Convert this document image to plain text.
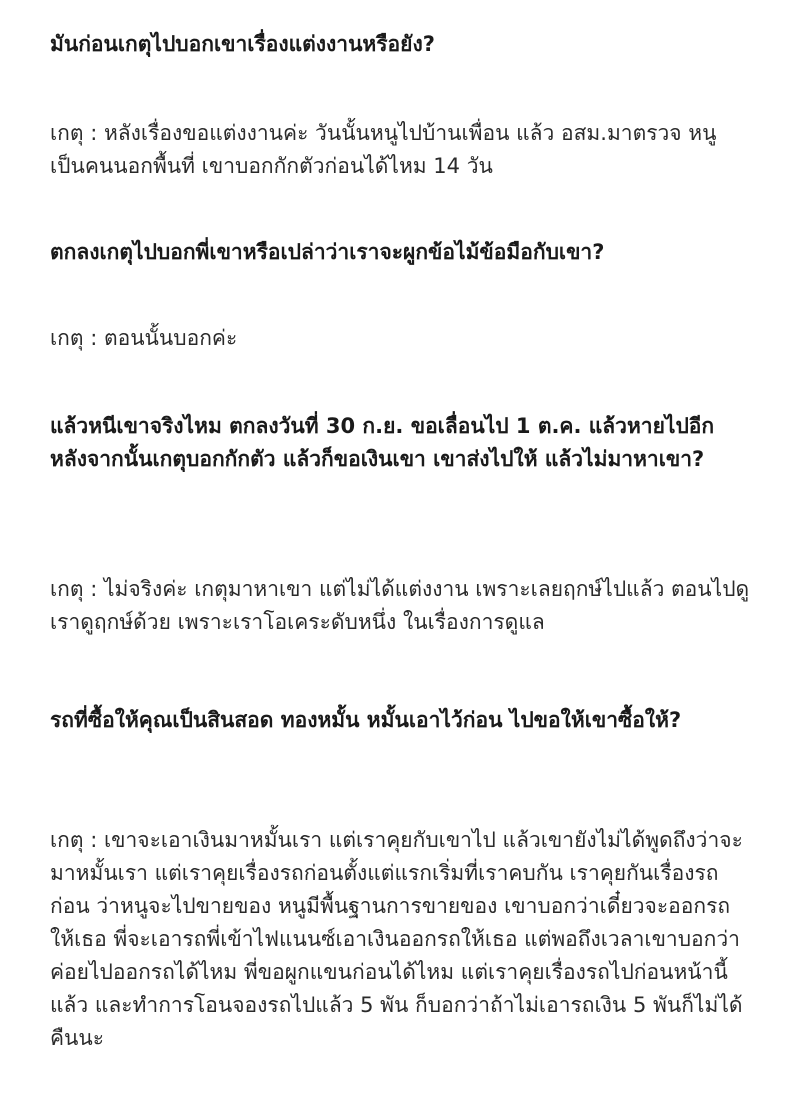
มันก่อนเกตุไปบอกเขาเรื่องแต่งงานหรือยัง?

เกตุ : หลังเรื่องขอแต่งงานค่ะ วันนั้นหนูไปบ้านเพื่อน แล้ว อสม.มาตรวจ หนูเป็นคนนอกพื้นที่ เขาบอกกักตัวก่อนได้ไหม 14 วัน

ตกลงเกตุไปบอกพี่เขาหรือเปล่าว่าเราจะผูกข้อไม้ข้อมือกับเขา?

เกตุ : ตอนนั้นบอกค่ะ

แล้วหนีเขาจริงไหม ตกลงวันที่ 30 ก.ย. ขอเลื่อนไป 1 ต.ค. แล้วหายไปอีก หลังจากนั้นเกตุบอกกักตัว แล้วก็ขอเงินเขา เขาส่งไปให้ แล้วไม่มาหาเขา?

เกตุ : ไม่จริงค่ะ เกตุมาหาเขา แต่ไม่ได้แต่งงาน เพราะเลยฤกษ์ไปแล้ว ตอนไปดู เราดูฤกษ์ด้วย เพราะเราโอเคระดับหนึ่ง ในเรื่องการดูแล

รถที่ซื้อให้คุณเป็นสินสอด ทองหมั้น หมั้นเอาไว้ก่อน ไปขอให้เขาซื้อให้?

เกตุ : เขาจะเอาเงินมาหมั้นเรา แต่เราคุยกับเขาไป แล้วเขายังไม่ได้พูดถึงว่าจะมาหมั้นเรา แต่เราคุยเรื่องรถก่อนตั้งแต่แรกเริ่มที่เราคบกัน เราคุยกันเรื่องรถก่อน ว่าหนูจะไปขายของ หนูมีพื้นฐานการขายของ เขาบอกว่าเดี๋ยวจะออกรถให้เธอ พี่จะเอารถพี่เข้าไฟแนนซ์เอาเงินออกรถให้เธอ แต่พอถึงเวลาเขาบอกว่าค่อยไปออกรถได้ไหม พี่ขอผูกแขนก่อนได้ไหม แต่เราคุยเรื่องรถไปก่อนหน้านี้แล้ว และทำการโอนจองรถไปแล้ว 5 พัน ก็บอกว่าถ้าไม่เอารถเงิน 5 พันก็ไม่ได้คืนนะ
